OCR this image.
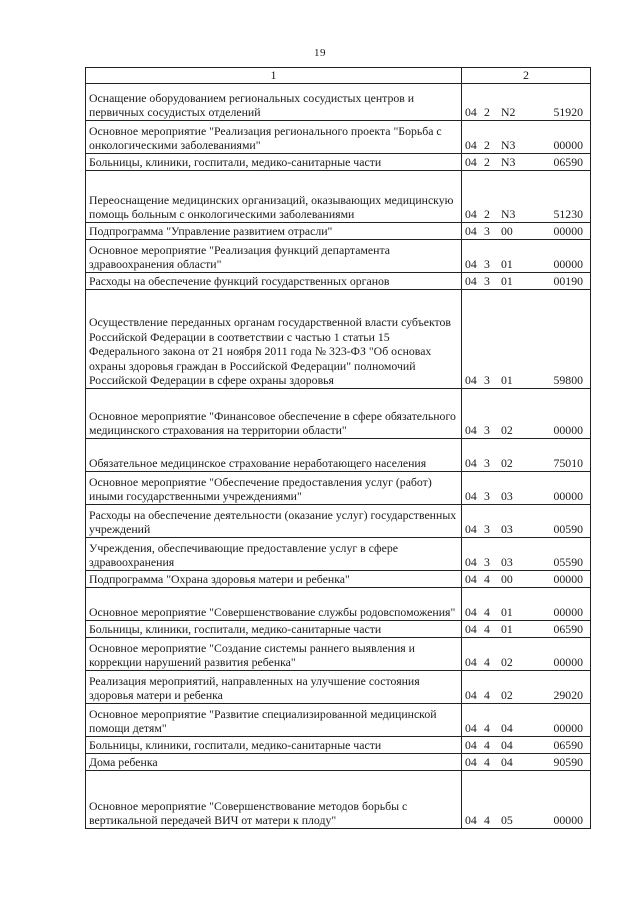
19
1	2
Оснащение оборудованием региональных сосудистых центров и первичных сосудистых отделений	04 2 N2 51920
Основное мероприятие "Реализация регионального проекта "Борьба с онкологическими заболеваниями"	04 2 N3 00000
Больницы, клиники, госпитали, медико-санитарные части	04 2 N3 06590
Переоснащение медицинских организаций, оказывающих медицинскую помощь больным с онкологическими заболеваниями	04 2 N3 51230
Подпрограмма "Управление развитием отрасли"	04 3 00 00000
Основное мероприятие "Реализация функций департамента здравоохранения области"	04 3 01 00000
Расходы на обеспечение функций государственных органов	04 3 01 00190
Осуществление переданных органам государственной власти субъектов Российской Федерации в соответствии с частью 1 статьи 15 Федерального закона от 21 ноября 2011 года № 323-ФЗ "Об основах охраны здоровья граждан в Российской Федерации" полномочий Российской Федерации в сфере охраны здоровья	04 3 01 59800
Основное мероприятие "Финансовое обеспечение в сфере обязательного медицинского страхования на территории области"	04 3 02 00000
Обязательное медицинское страхование неработающего населения	04 3 02 75010
Основное мероприятие "Обеспечение предоставления услуг (работ) иными государственными учреждениями"	04 3 03 00000
Расходы на обеспечение деятельности (оказание услуг) государственных учреждений	04 3 03 00590
Учреждения, обеспечивающие предоставление услуг в сфере здравоохранения	04 3 03 05590
Подпрограмма "Охрана здоровья матери и ребенка"	04 4 00 00000
Основное мероприятие "Совершенствование службы родовспоможения"	04 4 01 00000
Больницы, клиники, госпитали, медико-санитарные части	04 4 01 06590
Основное мероприятие "Создание системы раннего выявления и коррекции нарушений развития ребенка"	04 4 02 00000
Реализация мероприятий, направленных на улучшение состояния здоровья матери и ребенка	04 4 02 29020
Основное мероприятие "Развитие специализированной медицинской помощи детям"	04 4 04 00000
Больницы, клиники, госпитали, медико-санитарные части	04 4 04 06590
Дома ребенка	04 4 04 90590
Основное мероприятие "Совершенствование методов борьбы с вертикальной передачей ВИЧ от матери к плоду"	04 4 05 00000
